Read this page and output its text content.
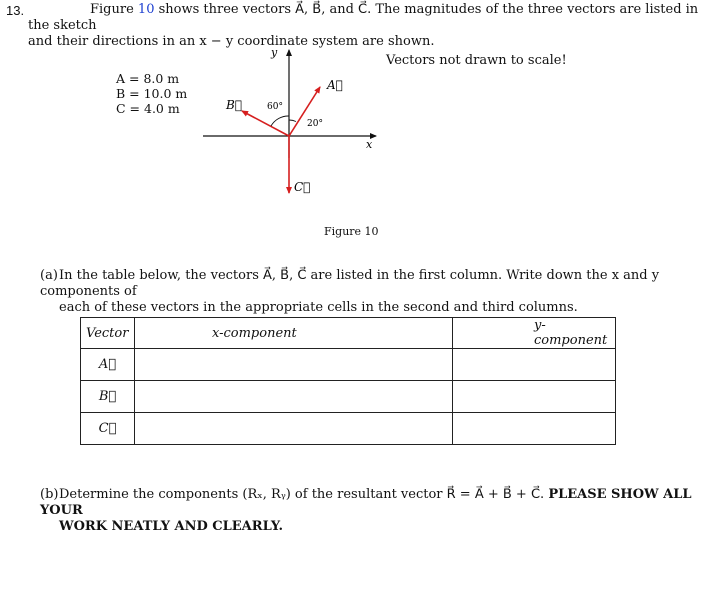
13.	Figure 10 shows three vectors A⃗, B⃗, and C⃗. The magnitudes of the three vectors are listed in the sketch
and their directions in an x − y coordinate system are shown.
A = 8.0 m
B = 10.0 m
C = 4.0 m
Vectors not drawn to scale!
y
x
60°
20°
A⃗
B⃗
C⃗
Figure 10
(a)In the table below, the vectors A⃗, B⃗, C⃗ are listed in the first column. Write down the x and y components of
each of these vectors in the appropriate cells in the second and third columns.
Vector	x-component	y-component
A⃗		
B⃗		
C⃗		
(b)Determine the components (Rₓ, Rᵧ) of the resultant vector R⃗ = A⃗ + B⃗ + C⃗. PLEASE SHOW ALL YOUR
WORK NEATLY AND CLEARLY.
